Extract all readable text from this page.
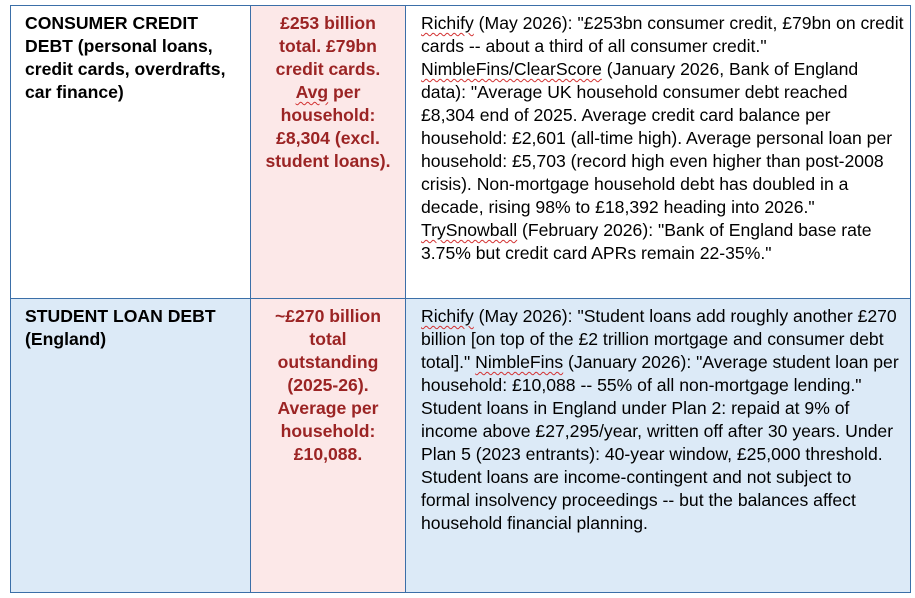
CONSUMER CREDIT DEBT (personal loans, credit cards, overdrafts, car finance)	£253 billion total. £79bn credit cards. Avg per household: £8,304 (excl. student loans).	Richify (May 2026): "£253bn consumer credit, £79bn on credit cards -- about a third of all consumer credit." NimbleFins/ClearScore (January 2026, Bank of England data): "Average UK household consumer debt reached £8,304 end of 2025. Average credit card balance per household: £2,601 (all-time high). Average personal loan per household: £5,703 (record high even higher than post-2008 crisis). Non-mortgage household debt has doubled in a decade, rising 98% to £18,392 heading into 2026." TrySnowball (February 2026): "Bank of England base rate 3.75% but credit card APRs remain 22-35%."
STUDENT LOAN DEBT (England)	~£270 billion total outstanding (2025-26). Average per household: £10,088.	Richify (May 2026): "Student loans add roughly another £270 billion [on top of the £2 trillion mortgage and consumer debt total]." NimbleFins (January 2026): "Average student loan per household: £10,088 -- 55% of all non-mortgage lending." Student loans in England under Plan 2: repaid at 9% of income above £27,295/year, written off after 30 years. Under Plan 5 (2023 entrants): 40-year window, £25,000 threshold. Student loans are income-contingent and not subject to formal insolvency proceedings -- but the balances affect household financial planning.
